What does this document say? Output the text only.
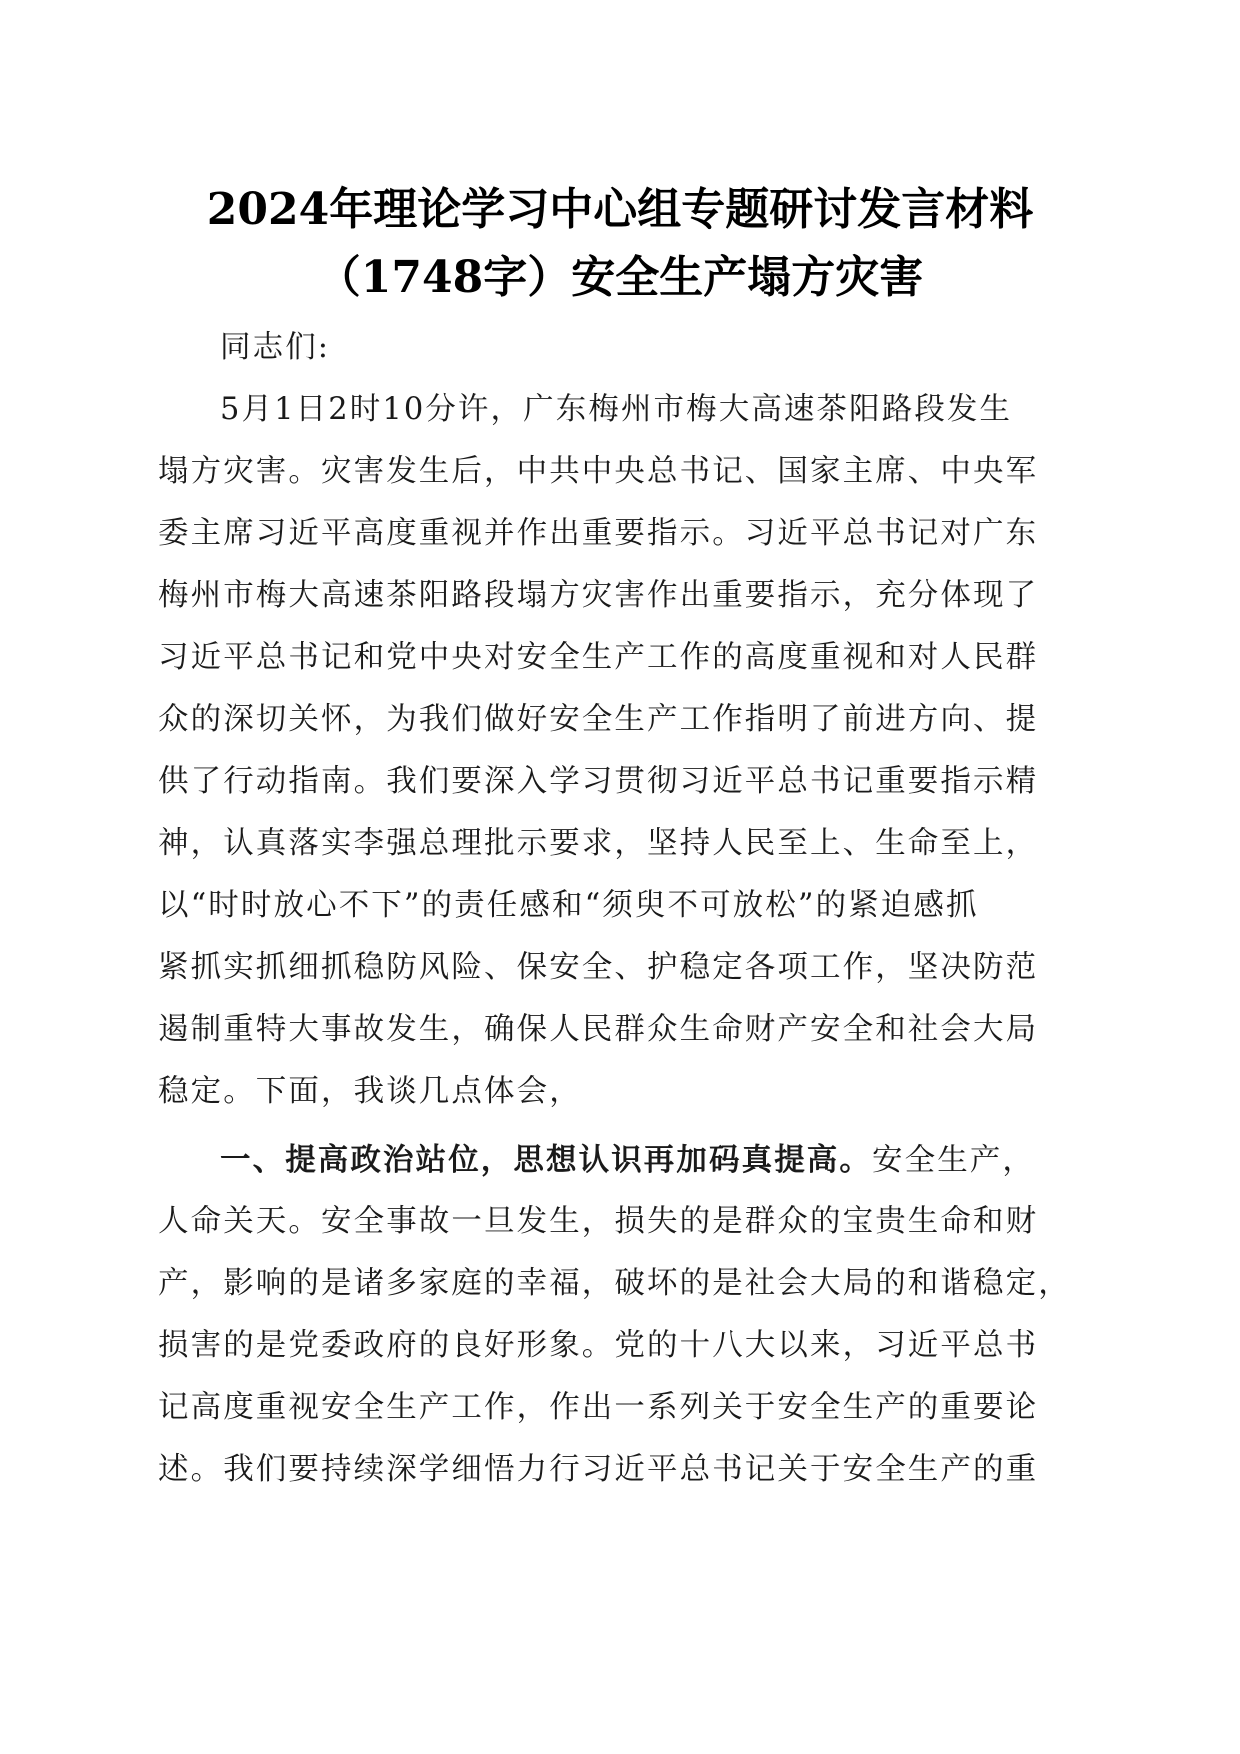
2024年理论学习中心组专题研讨发言材料
（1748字）安全生产塌方灾害
同志们:
5月1日2时10分许，广东梅州市梅大高速茶阳路段发生
塌方灾害。灾害发生后，中共中央总书记、国家主席、中央军
委主席习近平高度重视并作出重要指示。习近平总书记对广东
梅州市梅大高速茶阳路段塌方灾害作出重要指示，充分体现了
习近平总书记和党中央对安全生产工作的高度重视和对人民群
众的深切关怀，为我们做好安全生产工作指明了前进方向、提
供了行动指南。我们要深入学习贯彻习近平总书记重要指示精
神，认真落实李强总理批示要求，坚持人民至上、生命至上，
以“时时放心不下”的责任感和“须臾不可放松”的紧迫感抓
紧抓实抓细抓稳防风险、保安全、护稳定各项工作，坚决防范
遏制重特大事故发生，确保人民群众生命财产安全和社会大局
稳定。下面，我谈几点体会，
一、提高政治站位，思想认识再加码真提高。安全生产，
人命关天。安全事故一旦发生，损失的是群众的宝贵生命和财
产，影响的是诸多家庭的幸福，破坏的是社会大局的和谐稳定，
损害的是党委政府的良好形象。党的十八大以来，习近平总书
记高度重视安全生产工作，作出一系列关于安全生产的重要论
述。我们要持续深学细悟力行习近平总书记关于安全生产的重
